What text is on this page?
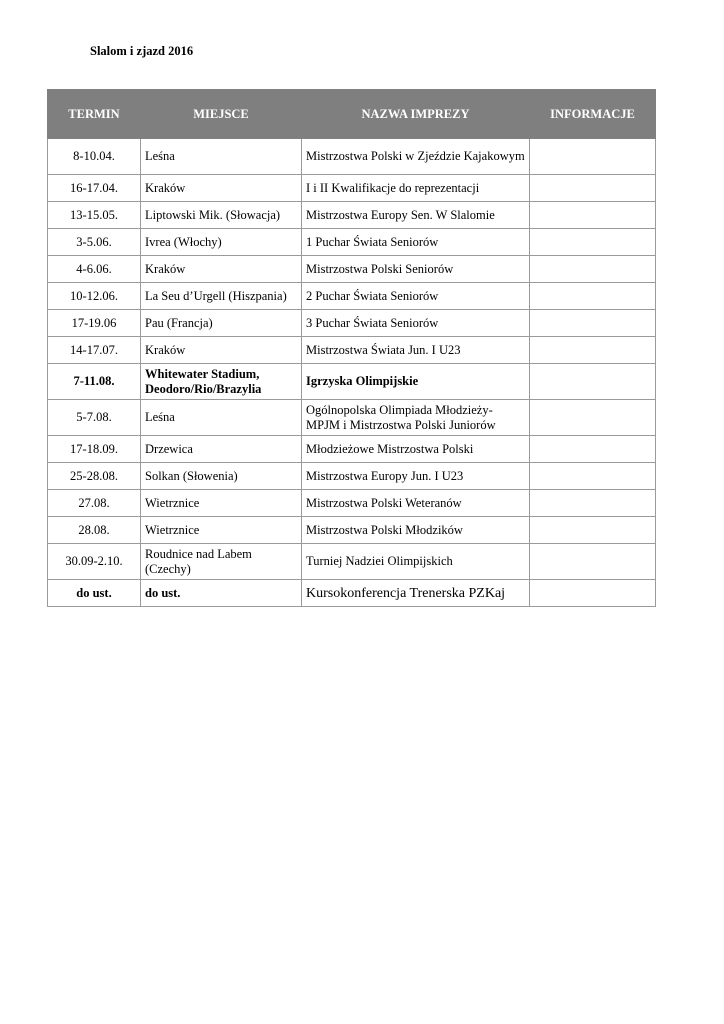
Slalom i zjazd 2016
TERMIN	MIEJSCE	NAZWA IMPREZY	INFORMACJE
8-10.04.	Leśna	Mistrzostwa Polski w Zjeździe Kajakowym	
16-17.04.	Kraków	I i II Kwalifikacje do reprezentacji	
13-15.05.	Liptowski Mik. (Słowacja)	Mistrzostwa Europy Sen. W Slalomie	
3-5.06.	Ivrea (Włochy)	1 Puchar Świata Seniorów	
4-6.06.	Kraków	Mistrzostwa Polski Seniorów	
10-12.06.	La Seu d’Urgell (Hiszpania)	2 Puchar Świata Seniorów	
17-19.06	Pau (Francja)	3 Puchar Świata Seniorów	
14-17.07.	Kraków	Mistrzostwa Świata Jun. I U23	
7-11.08.	Whitewater Stadium, Deodoro/Rio/Brazylia	Igrzyska Olimpijskie	
5-7.08.	Leśna	Ogólnopolska Olimpiada Młodzieży- MPJM i Mistrzostwa Polski Juniorów	
17-18.09.	Drzewica	Młodzieżowe Mistrzostwa Polski	
25-28.08.	Solkan (Słowenia)	Mistrzostwa Europy Jun. I U23	
27.08.	Wietrznice	Mistrzostwa Polski Weteranów	
28.08.	Wietrznice	Mistrzostwa Polski Młodzików	
30.09-2.10.	Roudnice nad Labem (Czechy)	Turniej Nadziei Olimpijskich	
do ust.	do ust.	Kursokonferencja Trenerska PZKaj	
